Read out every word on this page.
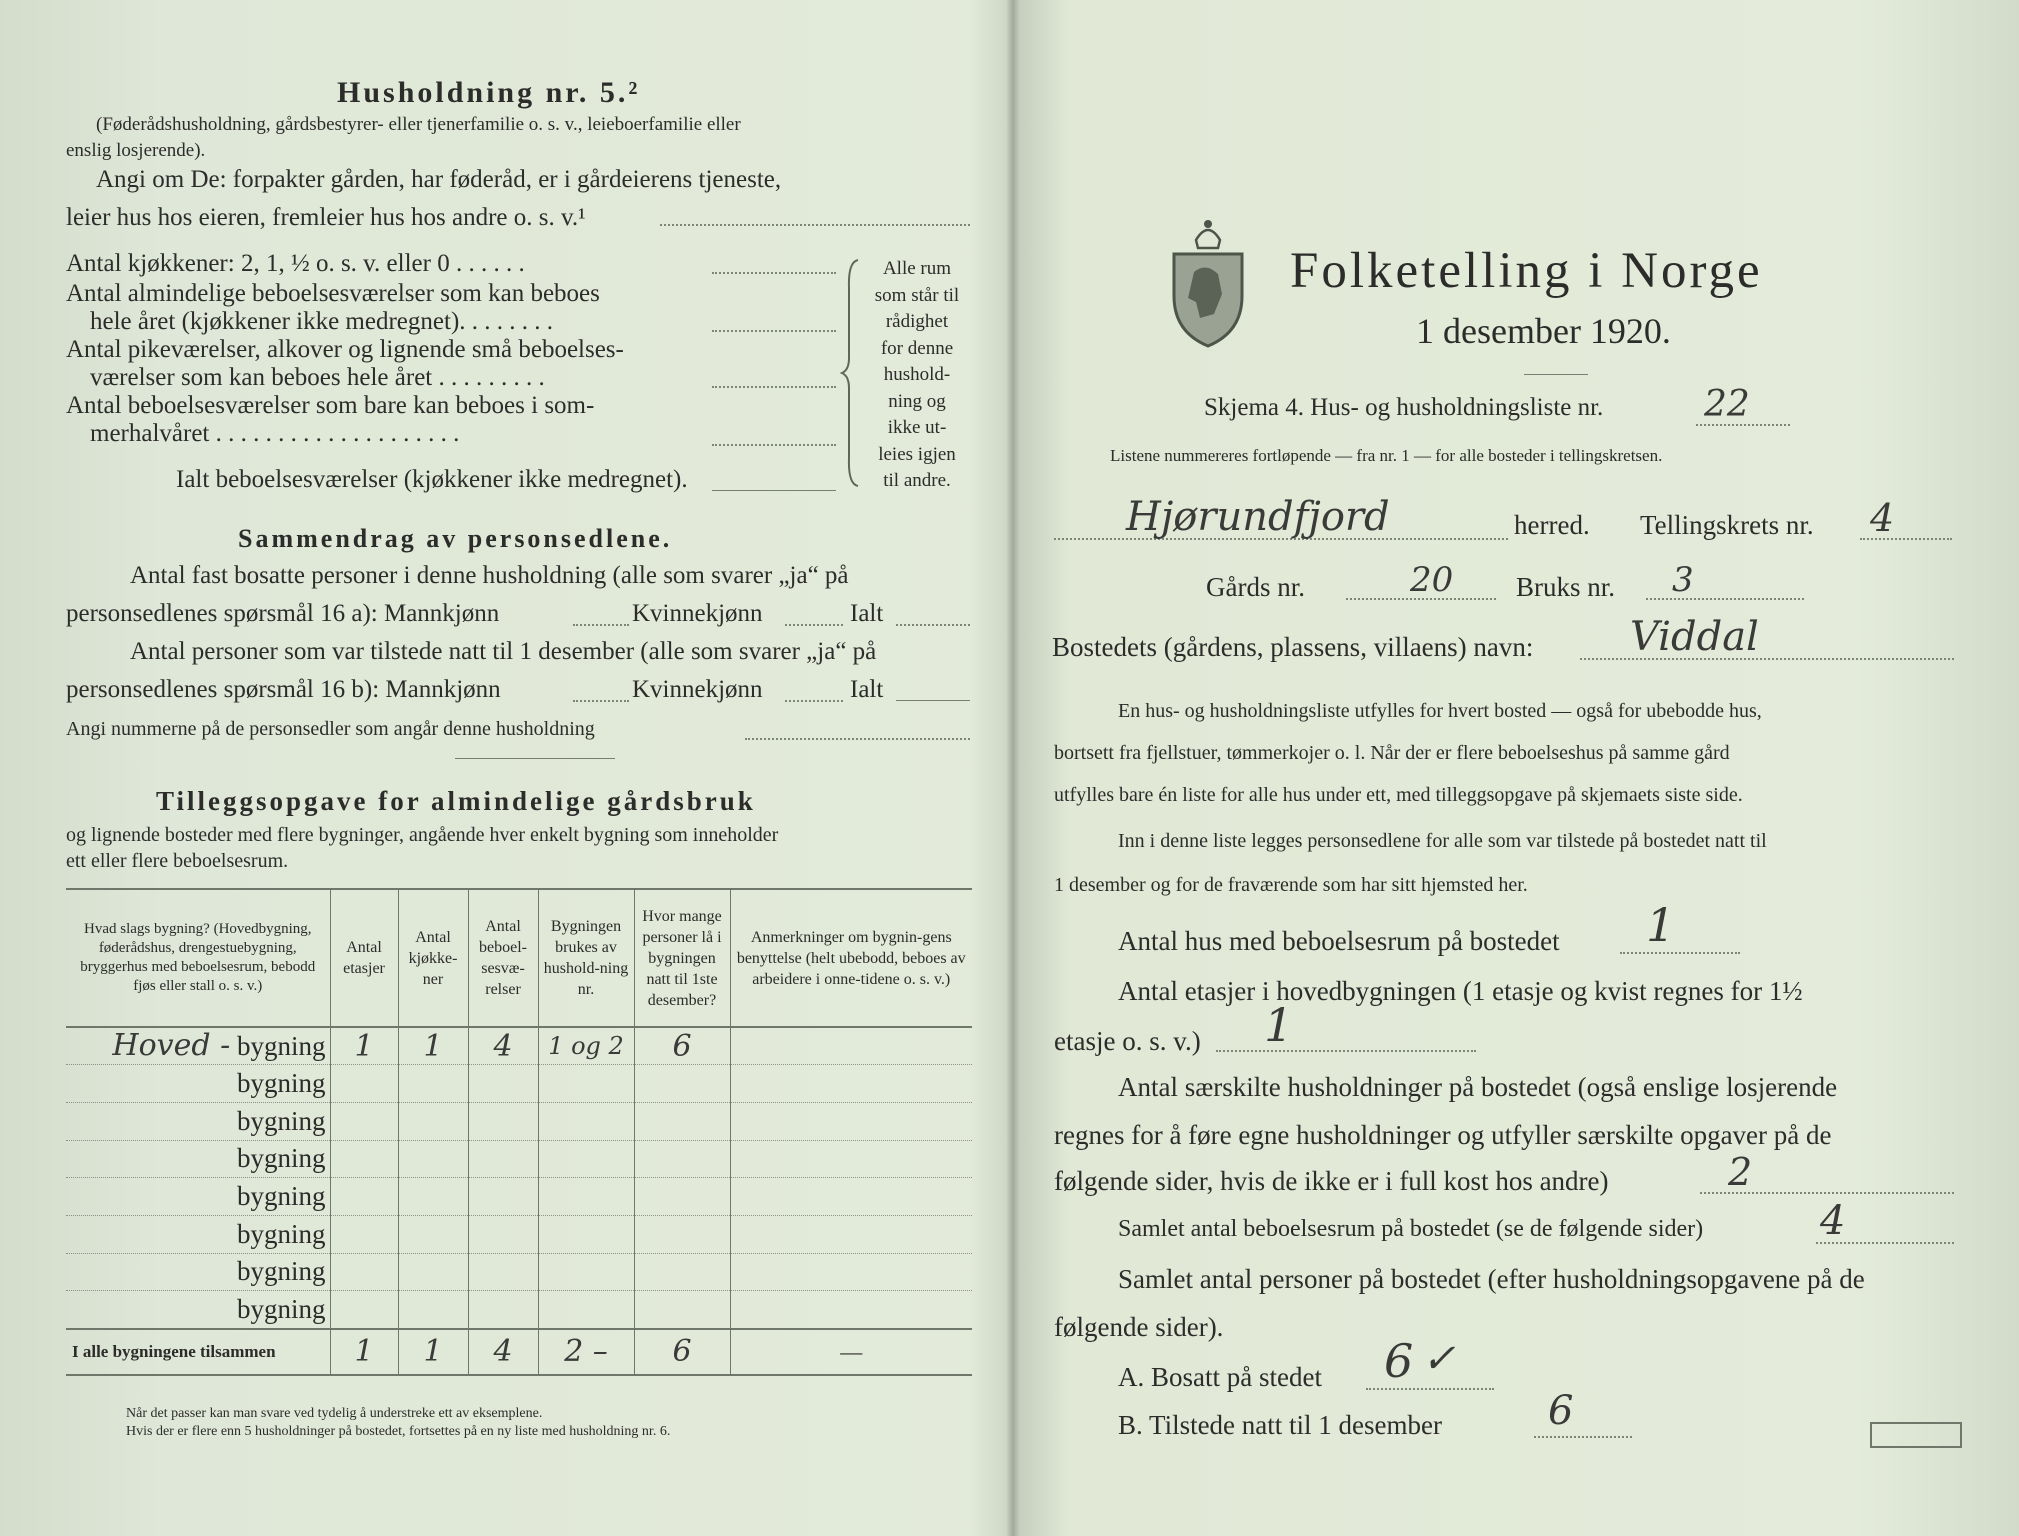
Husholdning nr. 5.²
(Føderådshusholdning, gårdsbestyrer- eller tjenerfamilie o. s. v., leieboerfamilie eller
enslig losjerende).
Angi om De: forpakter gården, har føderåd, er i gårdeierens tjeneste,
leier hus hos eieren, fremleier hus hos andre o. s. v.¹
Antal kjøkkener: 2, 1, ½ o. s. v. eller 0 . . . . . .
Antal almindelige beboelsesværelser som kan beboes
hele året (kjøkkener ikke medregnet). . . . . . . .
Antal pikeværelser, alkover og lignende små beboelses-
værelser som kan beboes hele året . . . . . . . . .
Antal beboelsesværelser som bare kan beboes i som-
merhalvåret . . . . . . . . . . . . . . . . . . . .
Ialt beboelsesværelser (kjøkkener ikke medregnet).
Alle rum
som står til
rådighet
for denne
hushold-
ning og
ikke ut-
leies igjen
til andre.
Sammendrag av personsedlene.
Antal fast bosatte personer i denne husholdning (alle som svarer „ja“ på
personsedlenes spørsmål 16 a): Mannkjønn	Kvinnekjønn	Ialt
Antal personer som var tilstede natt til 1 desember (alle som svarer „ja“ på
personsedlenes spørsmål 16 b): Mannkjønn	Kvinnekjønn	Ialt
Angi nummerne på de personsedler som angår denne husholdning
Tilleggsopgave for almindelige gårdsbruk
og lignende bosteder med flere bygninger, angående hver enkelt bygning som inneholder
ett eller flere beboelsesrum.
Hvad slags bygning? (Hovedbygning, føderådshus, drengestuebygning, bryggerhus med beboelsesrum, bebodd fjøs eller stall o. s. v.)	Antal etasjer	Antal kjøkke-ner	Antal beboel-sesvæ-relser	Bygningen brukes av hushold-ning nr.	Hvor mange personer lå i bygningen natt til 1ste desember?	Anmerkninger om bygnin-gens benyttelse (helt ubebodd, beboes av arbeidere i onne-tidene o. s. v.)
Hoved - bygning	1	1	4	1 og 2	6	
bygning						
bygning						
bygning						
bygning						
bygning						
bygning						
bygning						
I alle bygningene tilsammen	1	1	4	2 –	6	—
Når det passer kan man svare ved tydelig å understreke ett av eksemplene.
Hvis der er flere enn 5 husholdninger på bostedet, fortsettes på en ny liste med husholdning nr. 6.
Folketelling i Norge
1 desember 1920.
Skjema 4. Hus- og husholdningsliste nr.	22
Listene nummereres fortløpende — fra nr. 1 — for alle bosteder i tellingskretsen.
Hjørundfjord	herred. Tellingskrets nr. 4
Gårds nr.	20 Bruks nr. 3
Bostedets (gårdens, plassens, villaens) navn: Viddal
En hus- og husholdningsliste utfylles for hvert bosted — også for ubebodde hus,
bortsett fra fjellstuer, tømmerkojer o. l. Når der er flere beboelseshus på samme gård
utfylles bare én liste for alle hus under ett, med tilleggsopgave på skjemaets siste side.
Inn i denne liste legges personsedlene for alle som var tilstede på bostedet natt til
1 desember og for de fraværende som har sitt hjemsted her.
Antal hus med beboelsesrum på bostedet 1
Antal etasjer i hovedbygningen (1 etasje og kvist regnes for 1½
etasje o. s. v.) 1
Antal særskilte husholdninger på bostedet (også enslige losjerende
regnes for å føre egne husholdninger og utfyller særskilte opgaver på de
følgende sider, hvis de ikke er i full kost hos andre)	2
Samlet antal beboelsesrum på bostedet (se de følgende sider)	4
Samlet antal personer på bostedet (efter husholdningsopgavene på de
følgende sider).
A. Bosatt på stedet 6 ✓
B. Tilstede natt til 1 desember	6
